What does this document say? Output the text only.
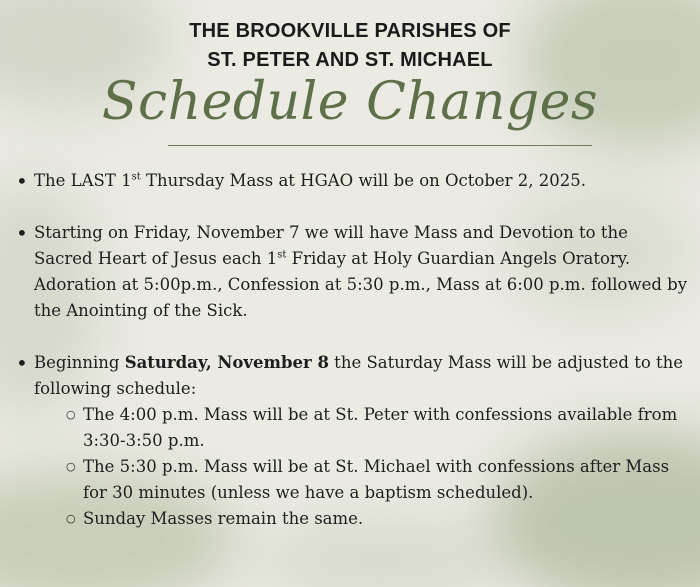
THE BROOKVILLE PARISHES OF
ST. PETER AND ST. MICHAEL
Schedule Changes
• The LAST 1st Thursday Mass at HGAO will be on October 2, 2025.
• Starting on Friday, November 7 we will have Mass and Devotion to the Sacred Heart of Jesus each 1st Friday at Holy Guardian Angels Oratory. Adoration at 5:00p.m., Confession at 5:30 p.m., Mass at 6:00 p.m. followed by the Anointing of the Sick.
• Beginning Saturday, November 8 the Saturday Mass will be adjusted to the following schedule:
○ The 4:00 p.m. Mass will be at St. Peter with confessions available from 3:30-3:50 p.m.
○ The 5:30 p.m. Mass will be at St. Michael with confessions after Mass for 30 minutes (unless we have a baptism scheduled).
○ Sunday Masses remain the same.
